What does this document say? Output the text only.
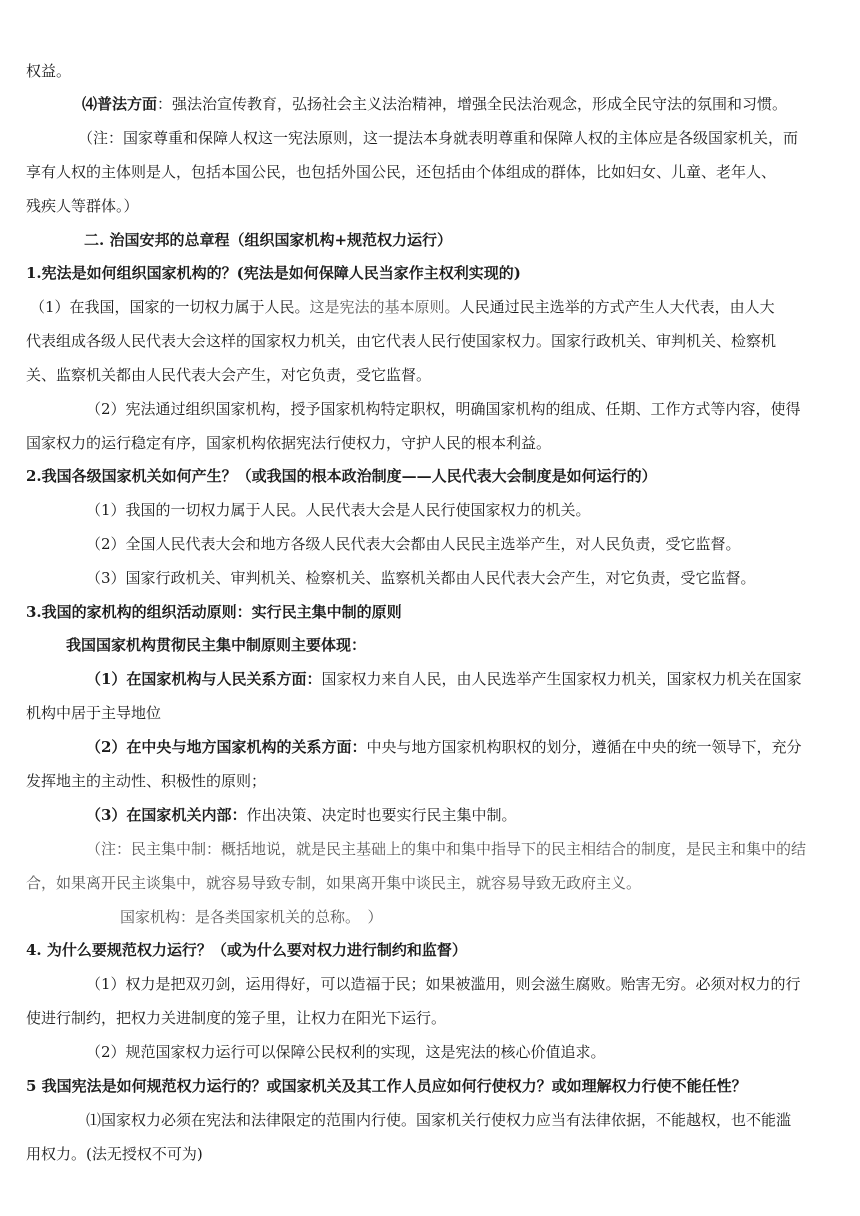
权益。
⑷普法方面：强法治宣传教育，弘扬社会主义法治精神，增强全民法治观念，形成全民守法的氛围和习惯。
（注：国家尊重和保障人权这一宪法原则，这一提法本身就表明尊重和保障人权的主体应是各级国家机关，而
享有人权的主体则是人，包括本国公民，也包括外国公民，还包括由个体组成的群体，比如妇女、儿童、老年人、
残疾人等群体。）
二. 治国安邦的总章程（组织国家机构+规范权力运行）
1.宪法是如何组织国家机构的？(宪法是如何保障人民当家作主权利实现的)
（1）在我国，国家的一切权力属于人民。这是宪法的基本原则。人民通过民主选举的方式产生人大代表，由人大
代表组成各级人民代表大会这样的国家权力机关，由它代表人民行使国家权力。国家行政机关、审判机关、检察机
关、监察机关都由人民代表大会产生，对它负责，受它监督。
（2）宪法通过组织国家机构，授予国家机构特定职权，明确国家机构的组成、任期、工作方式等内容，使得
国家权力的运行稳定有序，国家机构依据宪法行使权力，守护人民的根本利益。
2.我国各级国家机关如何产生？（或我国的根本政治制度——人民代表大会制度是如何运行的）
（1）我国的一切权力属于人民。人民代表大会是人民行使国家权力的机关。
（2）全国人民代表大会和地方各级人民代表大会都由人民民主选举产生，对人民负责，受它监督。
（3）国家行政机关、审判机关、检察机关、监察机关都由人民代表大会产生，对它负责，受它监督。
3.我国的家机构的组织活动原则：实行民主集中制的原则
我国国家机构贯彻民主集中制原则主要体现：
（1）在国家机构与人民关系方面：国家权力来自人民，由人民选举产生国家权力机关，国家权力机关在国家
机构中居于主导地位
（2）在中央与地方国家机构的关系方面：中央与地方国家机构职权的划分，遵循在中央的统一领导下，充分
发挥地主的主动性、积极性的原则；
（3）在国家机关内部：作出决策、决定时也要实行民主集中制。
（注：民主集中制：概括地说，就是民主基础上的集中和集中指导下的民主相结合的制度，是民主和集中的结
合，如果离开民主谈集中，就容易导致专制，如果离开集中谈民主，就容易导致无政府主义。
国家机构：是各类国家机关的总称。　）
4. 为什么要规范权力运行？（或为什么要对权力进行制约和监督）
（1）权力是把双刃剑，运用得好，可以造福于民；如果被滥用，则会滋生腐败。贻害无穷。必须对权力的行
使进行制约，把权力关进制度的笼子里，让权力在阳光下运行。
（2）规范国家权力运行可以保障公民权利的实现，这是宪法的核心价值追求。
5 我国宪法是如何规范权力运行的？或国家机关及其工作人员应如何行使权力？或如理解权力行使不能任性？
⑴国家权力必须在宪法和法律限定的范围内行使。国家机关行使权力应当有法律依据，不能越权，也不能滥
用权力。(法无授权不可为)
